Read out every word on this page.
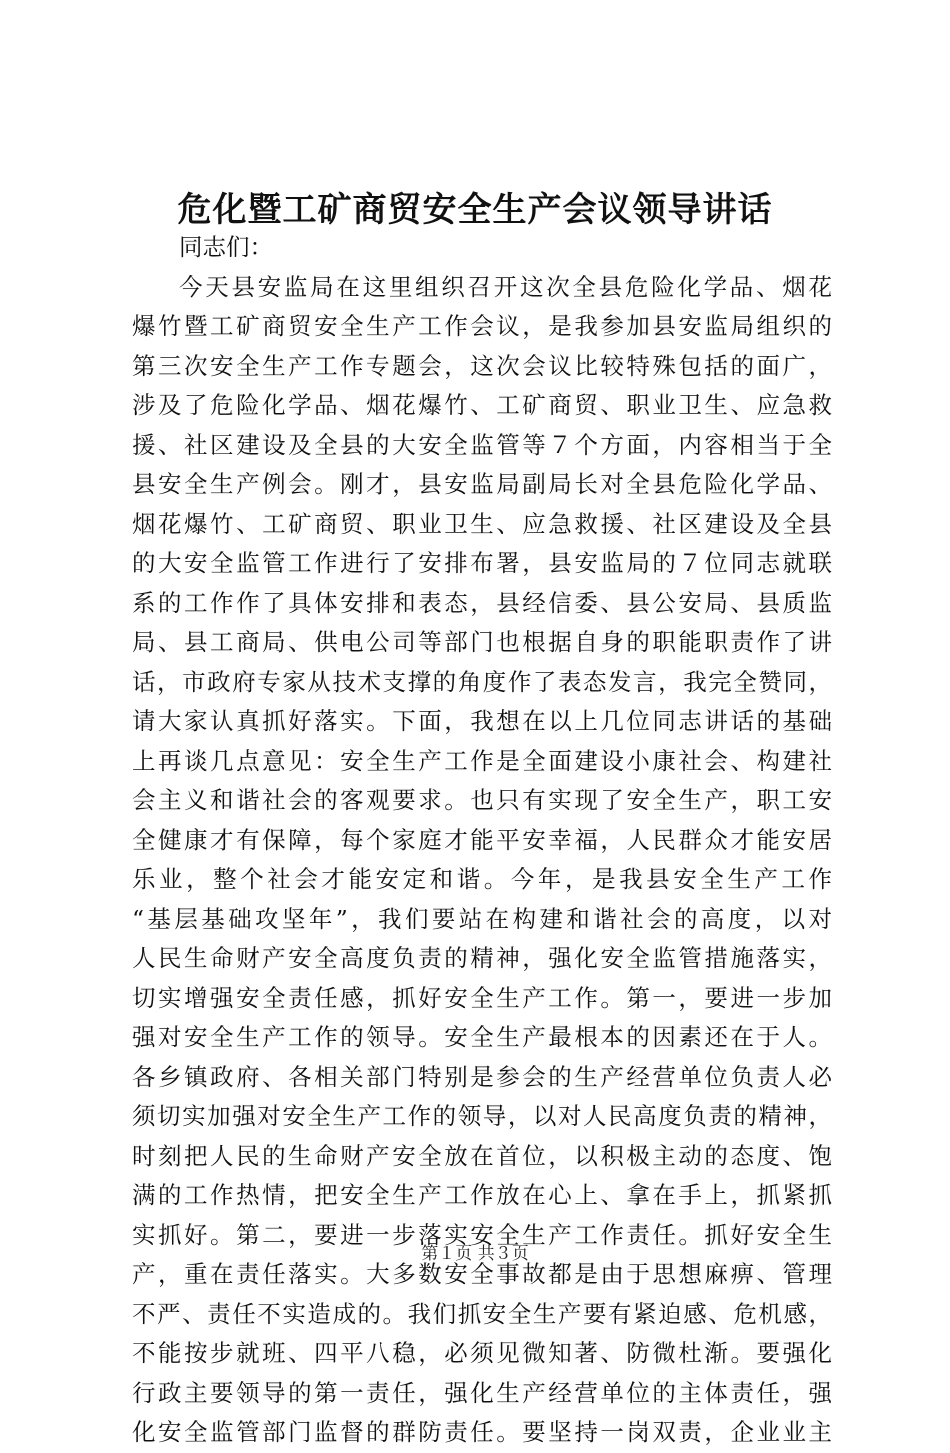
危化暨工矿商贸安全生产会议领导讲话
同志们：
今天县安监局在这里组织召开这次全县危险化学品、烟花
爆竹暨工矿商贸安全生产工作会议，是我参加县安监局组织的
第三次安全生产工作专题会，这次会议比较特殊包括的面广，
涉及了危险化学品、烟花爆竹、工矿商贸、职业卫生、应急救
援、社区建设及全县的大安全监管等７个方面，内容相当于全
县安全生产例会。刚才，县安监局副局长对全县危险化学品、
烟花爆竹、工矿商贸、职业卫生、应急救援、社区建设及全县
的大安全监管工作进行了安排布署，县安监局的７位同志就联
系的工作作了具体安排和表态，县经信委、县公安局、县质监
局、县工商局、供电公司等部门也根据自身的职能职责作了讲
话，市政府专家从技术支撑的角度作了表态发言，我完全赞同，
请大家认真抓好落实。下面，我想在以上几位同志讲话的基础
上再谈几点意见：安全生产工作是全面建设小康社会、构建社
会主义和谐社会的客观要求。也只有实现了安全生产，职工安
全健康才有保障，每个家庭才能平安幸福，人民群众才能安居
乐业，整个社会才能安定和谐。今年，是我县安全生产工作
“基层基础攻坚年”，我们要站在构建和谐社会的高度，以对
人民生命财产安全高度负责的精神，强化安全监管措施落实，
切实增强安全责任感，抓好安全生产工作。第一，要进一步加
强对安全生产工作的领导。安全生产最根本的因素还在于人。
各乡镇政府、各相关部门特别是参会的生产经营单位负责人必
须切实加强对安全生产工作的领导，以对人民高度负责的精神，
时刻把人民的生命财产安全放在首位，以积极主动的态度、饱
满的工作热情，把安全生产工作放在心上、拿在手上，抓紧抓
实抓好。第二，要进一步落实安全生产工作责任。抓好安全生
产，重在责任落实。大多数安全事故都是由于思想麻痹、管理
不严、责任不实造成的。我们抓安全生产要有紧迫感、危机感，
不能按步就班、四平八稳，必须见微知著、防微杜渐。要强化
行政主要领导的第一责任，强化生产经营单位的主体责任，强
化安全监管部门监督的群防责任。要坚持一岗双责，企业业主
第１页 共３页
